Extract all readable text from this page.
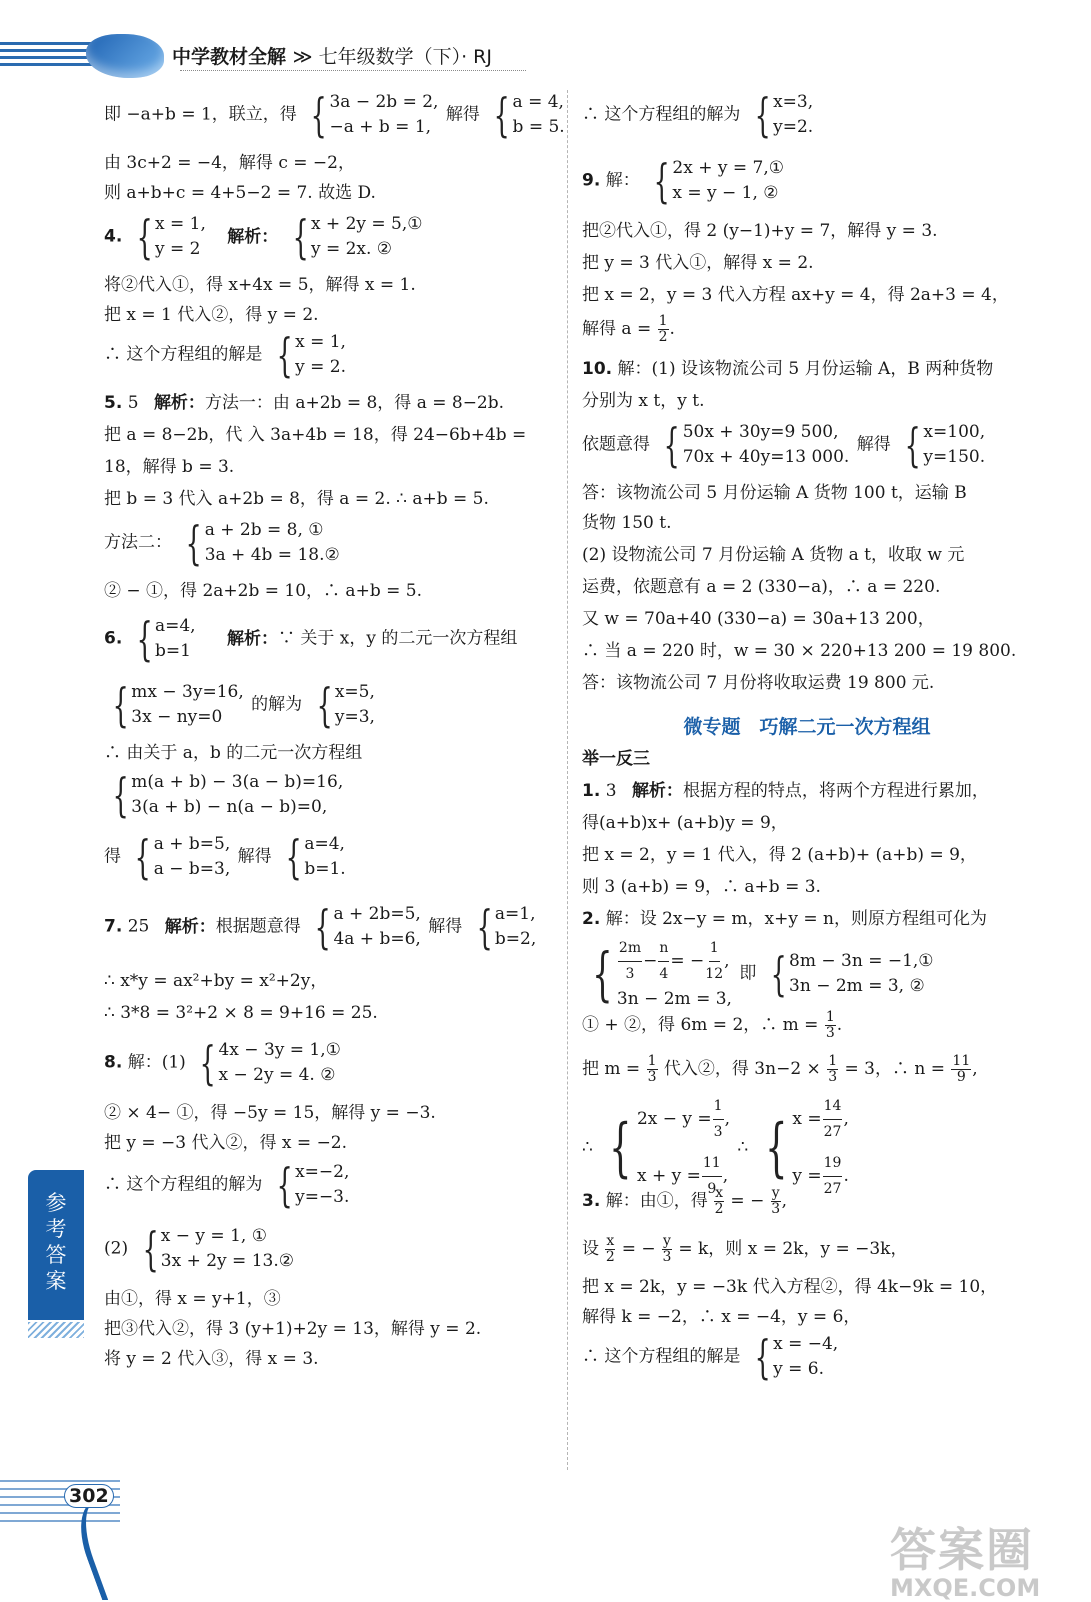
中学教材全解 ≫ 七年级数学（下）· RJ
即 −a+b = 1，联立，得 { 3a − 2b = 2,
−a + b = 1,
解得 { a = 4,
b = 5.
由 3c+2 = −4，解得 c = −2，
则 a+b+c = 4+5−2 = 7. 故选 D.
4. { x = 1,
y = 2
解析： { x + 2y = 5,①
y = 2x. ②
将②代入①，得 x+4x = 5，解得 x = 1.
把 x = 1 代入②，得 y = 2.
∴ 这个方程组的解是 { x = 1,
y = 2.
5. 5 解析：方法一：由 a+2b = 8，得 a = 8−2b.
把 a = 8−2b，代 入 3a+4b = 18，得 24−6b+4b =
18，解得 b = 3.
把 b = 3 代入 a+2b = 8，得 a = 2. ∴ a+b = 5.
方法二： { a + 2b = 8, ①
3a + 4b = 18.②
② − ①，得 2a+2b = 10，∴ a+b = 5.
6. { a=4,
b=1
解析：∵ 关于 x，y 的二元一次方程组
{ mx − 3y=16,
3x − ny=0
的解为 { x=5,
y=3,
∴ 由关于 a，b 的二元一次方程组
{ m(a + b) − 3(a − b)=16,
3(a + b) − n(a − b)=0,
得 { a + b=5,
a − b=3,
解得 { a=4,
b=1.
7. 25 解析：根据题意得 { a + 2b=5,
4a + b=6,
解得 { a=1,
b=2,
∴ x*y = ax²+by = x²+2y，
∴ 3*8 = 3²+2 × 8 = 9+16 = 25.
8. 解：(1) { 4x − 3y = 1,①
x − 2y = 4. ②
② × 4− ①，得 −5y = 15，解得 y = −3.
把 y = −3 代入②，得 x = −2.
∴ 这个方程组的解为 { x=−2,
y=−3.
(2) { x − y = 1, ①
3x + 2y = 13.②
由①，得 x = y+1，③
把③代入②，得 3 (y+1)+2y = 13，解得 y = 2.
将 y = 2 代入③，得 x = 3.
∴ 这个方程组的解为 { x=3,
y=2.
9. 解： { 2x + y = 7,①
x = y − 1, ②
把②代入①，得 2 (y−1)+y = 7，解得 y = 3.
把 y = 3 代入①，解得 x = 2.
把 x = 2，y = 3 代入方程 ax+y = 4，得 2a+3 = 4，
解得 $a = \frac{1}{2}$ .
10. 解：(1) 设该物流公司 5 月份运输 A，B 两种货物
分别为 x t，y t.
依题意得 { 50x + 30y=9 500,
70x + 40y=13 000.
解得 { x=100,
y=150.
答：该物流公司 5 月份运输 A 货物 100 t，运输 B
货物 150 t.
(2) 设物流公司 7 月份运输 A 货物 a t，收取 w 元
运费，依题意有 a = 2 (330−a)，∴ a = 220.
又 w = 70a+40 (330−a) = 30a+13 200，
∴ 当 a = 220 时，w = 30 × 220+13 200 = 19 800.
答：该物流公司 7 月份将收取运费 19 800 元.
微专题　巧解二元一次方程组
举一反三
1. 3 解析：根据方程的特点，将两个方程进行累加，
得(a+b)x+ (a+b)y = 9，
把 x = 2，y = 1 代入，得 2 (a+b)+ (a+b) = 9，
则 3 (a+b) = 9，∴ a+b = 3.
2. 解：设 2x−y = m，x+y = n，则原方程组可化为
{ $\frac{2m}{3} - \frac{n}{4}$ = − $\frac{1}{12}$ ,
3n − 2m = 3,
即 { 8m − 3n = −1,①
3n − 2m = 3, ②
① + ②，得 6m = 2，∴ $m = \frac{1}{3}$ .
把 $m = \frac{1}{3}$ 代入②，得 $3n-2 \times \frac{1}{3} = 3$，∴ $n = \frac{11}{9}$ ,
∴ { $2x - y = \frac{1}{3}$ ,
$x + y = \frac{11}{9}$ ,
∴ { $x = \frac{14}{27}$ ,
$y = \frac{19}{27}$ .
3. 解：由①，得 $\frac{x}{2}$ = − $\frac{y}{3}$ ,
设 $\frac{x}{2}$ = − $\frac{y}{3} = k$，则 x = 2k，y = −3k，
把 x = 2k，y = −3k 代入方程②，得 4k−9k = 10，
解得 k = −2，∴ x = −4，y = 6，
∴ 这个方程组的解是 { x = −4,
y = 6.
参考答案
302
答案圈
MXQE.COM
